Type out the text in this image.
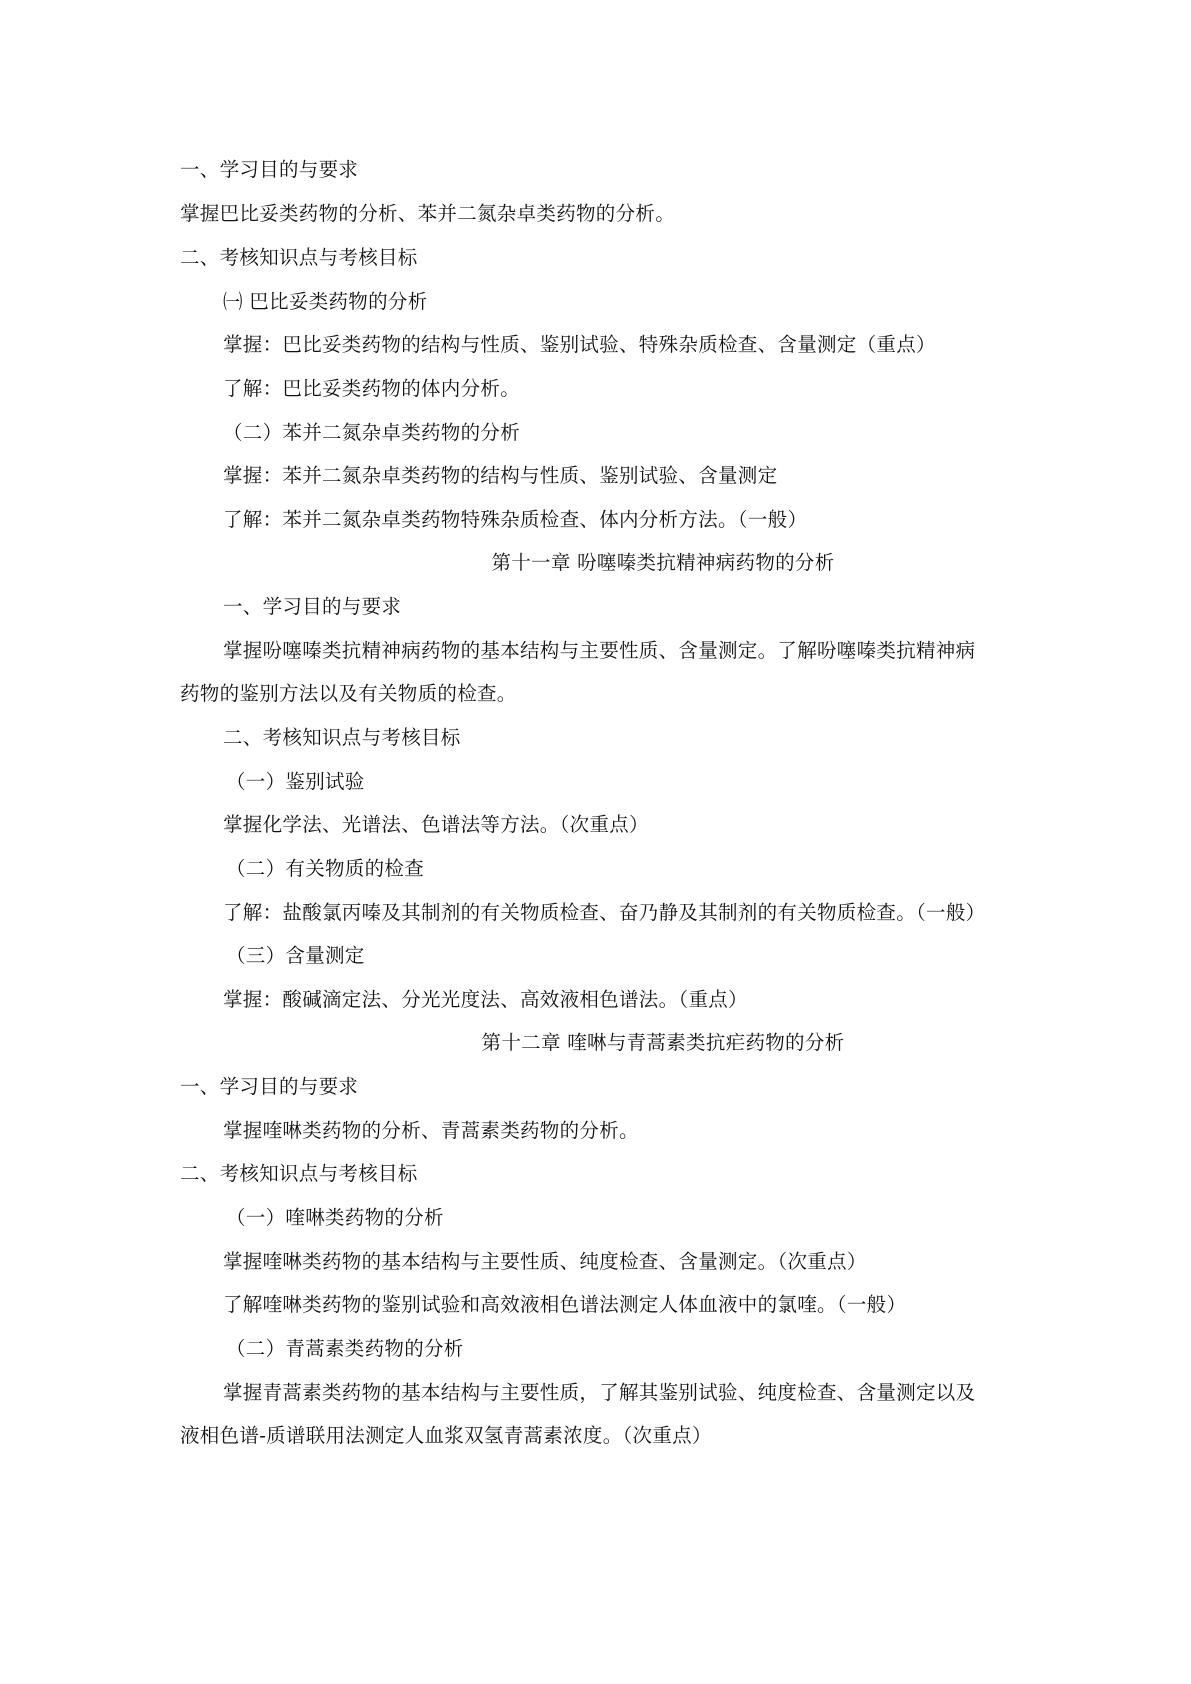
一、学习目的与要求
掌握巴比妥类药物的分析、苯并二氮杂卓类药物的分析。
二、考核知识点与考核目标
㈠ 巴比妥类药物的分析
掌握：巴比妥类药物的结构与性质、鉴别试验、特殊杂质检查、含量测定（重点）
了解：巴比妥类药物的体内分析。
（二）苯并二氮杂卓类药物的分析
掌握：苯并二氮杂卓类药物的结构与性质、鉴别试验、含量测定
了解：苯并二氮杂卓类药物特殊杂质检查、体内分析方法。（一般）
第十一章 吩噻嗪类抗精神病药物的分析
一、学习目的与要求
掌握吩噻嗪类抗精神病药物的基本结构与主要性质、含量测定。了解吩噻嗪类抗精神病
药物的鉴别方法以及有关物质的检查。
二、考核知识点与考核目标
（一）鉴别试验
掌握化学法、光谱法、色谱法等方法。（次重点）
（二）有关物质的检查
了解：盐酸氯丙嗪及其制剂的有关物质检查、奋乃静及其制剂的有关物质检查。（一般）
（三）含量测定
掌握：酸碱滴定法、分光光度法、高效液相色谱法。（重点）
第十二章 喹啉与青蒿素类抗疟药物的分析
一、学习目的与要求
掌握喹啉类药物的分析、青蒿素类药物的分析。
二、考核知识点与考核目标
（一）喹啉类药物的分析
掌握喹啉类药物的基本结构与主要性质、纯度检查、含量测定。（次重点）
了解喹啉类药物的鉴别试验和高效液相色谱法测定人体血液中的氯喹。（一般）
（二）青蒿素类药物的分析
掌握青蒿素类药物的基本结构与主要性质，了解其鉴别试验、纯度检查、含量测定以及
液相色谱-质谱联用法测定人血浆双氢青蒿素浓度。（次重点）
